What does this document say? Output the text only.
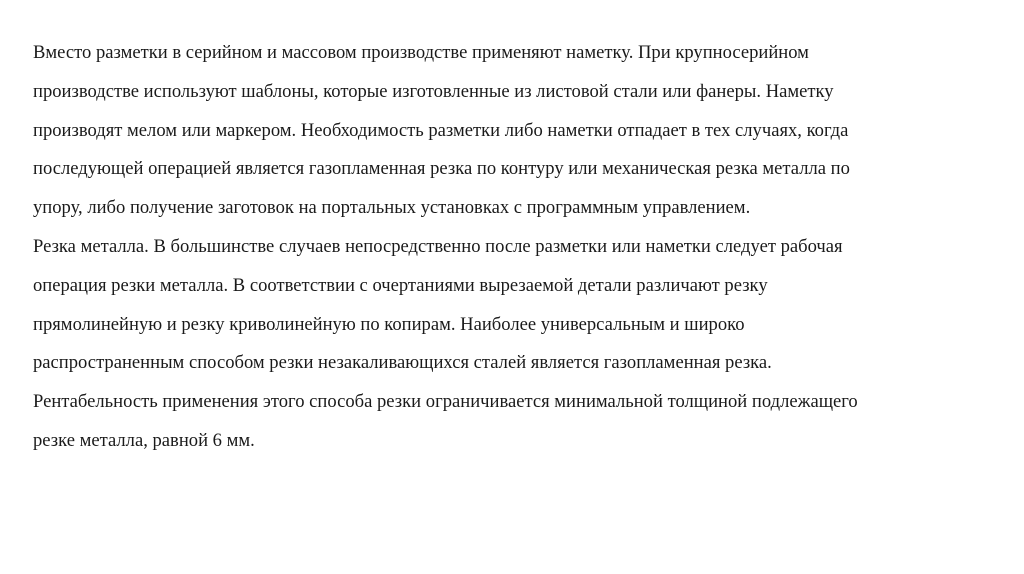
Вместо разметки в серийном и массовом производстве применяют наметку. При крупносерийном
производстве используют шаблоны, которые изготовленные из листовой стали или фанеры. Наметку
производят мелом или маркером. Необходимость разметки либо наметки отпадает в тех случаях, когда
последующей операцией является газопламенная резка по контуру или механическая резка металла по
упору, либо получение заготовок на портальных установках с программным управлением.
Резка металла. В большинстве случаев непосредственно после разметки или наметки следует рабочая
операция резки металла. В соответствии с очертаниями вырезаемой детали различают резку
прямолинейную и резку криволинейную по копирам. Наиболее универсальным и широко
распространенным способом резки незакаливающихся сталей является газопламенная резка.
Рентабельность применения этого способа резки ограничивается минимальной толщиной подлежащего
резке металла, равной 6 мм.
